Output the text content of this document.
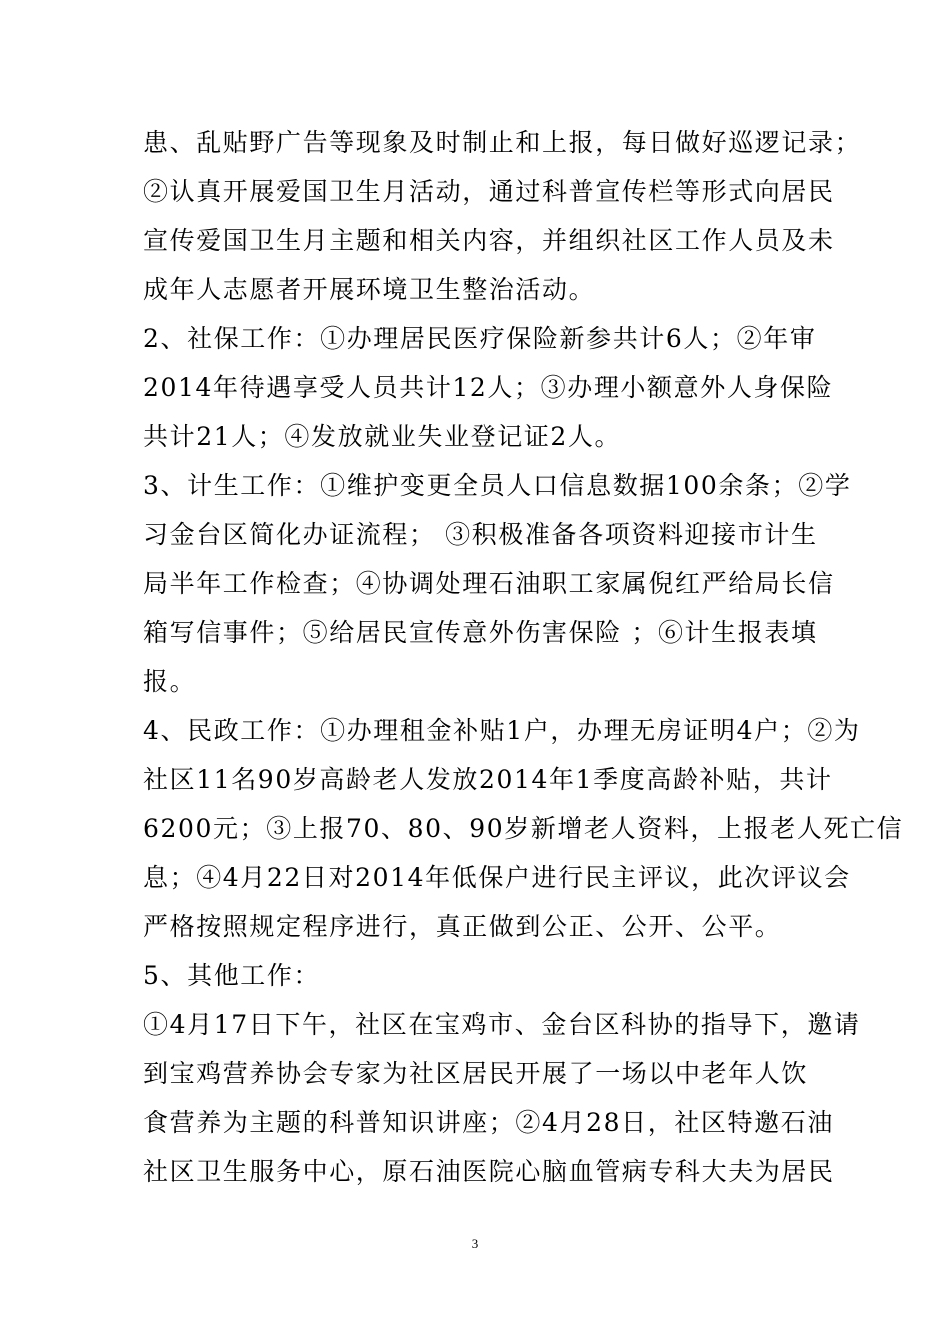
患、乱贴野广告等现象及时制止和上报，每日做好巡逻记录；
②认真开展爱国卫生月活动，通过科普宣传栏等形式向居民
宣传爱国卫生月主题和相关内容，并组织社区工作人员及未
成年人志愿者开展环境卫生整治活动。
2、社保工作：①办理居民医疗保险新参共计6人；②年审
2014年待遇享受人员共计12人；③办理小额意外人身保险
共计21人；④发放就业失业登记证2人。
3、计生工作：①维护变更全员人口信息数据100余条；②学
习金台区简化办证流程； ③积极准备各项资料迎接市计生
局半年工作检查；④协调处理石油职工家属倪红严给局长信
箱写信事件；⑤给居民宣传意外伤害保险 ；⑥计生报表填
报。
4、民政工作：①办理租金补贴1户，办理无房证明4户；②为
社区11名90岁高龄老人发放2014年1季度高龄补贴，共计
6200元；③上报70、80、90岁新增老人资料，上报老人死亡信
息；④4月22日对2014年低保户进行民主评议，此次评议会
严格按照规定程序进行，真正做到公正、公开、公平。
5、其他工作：
①4月17日下午，社区在宝鸡市、金台区科协的指导下，邀请
到宝鸡营养协会专家为社区居民开展了一场以中老年人饮
食营养为主题的科普知识讲座；②4月28日，社区特邀石油
社区卫生服务中心，原石油医院心脑血管病专科大夫为居民
3
